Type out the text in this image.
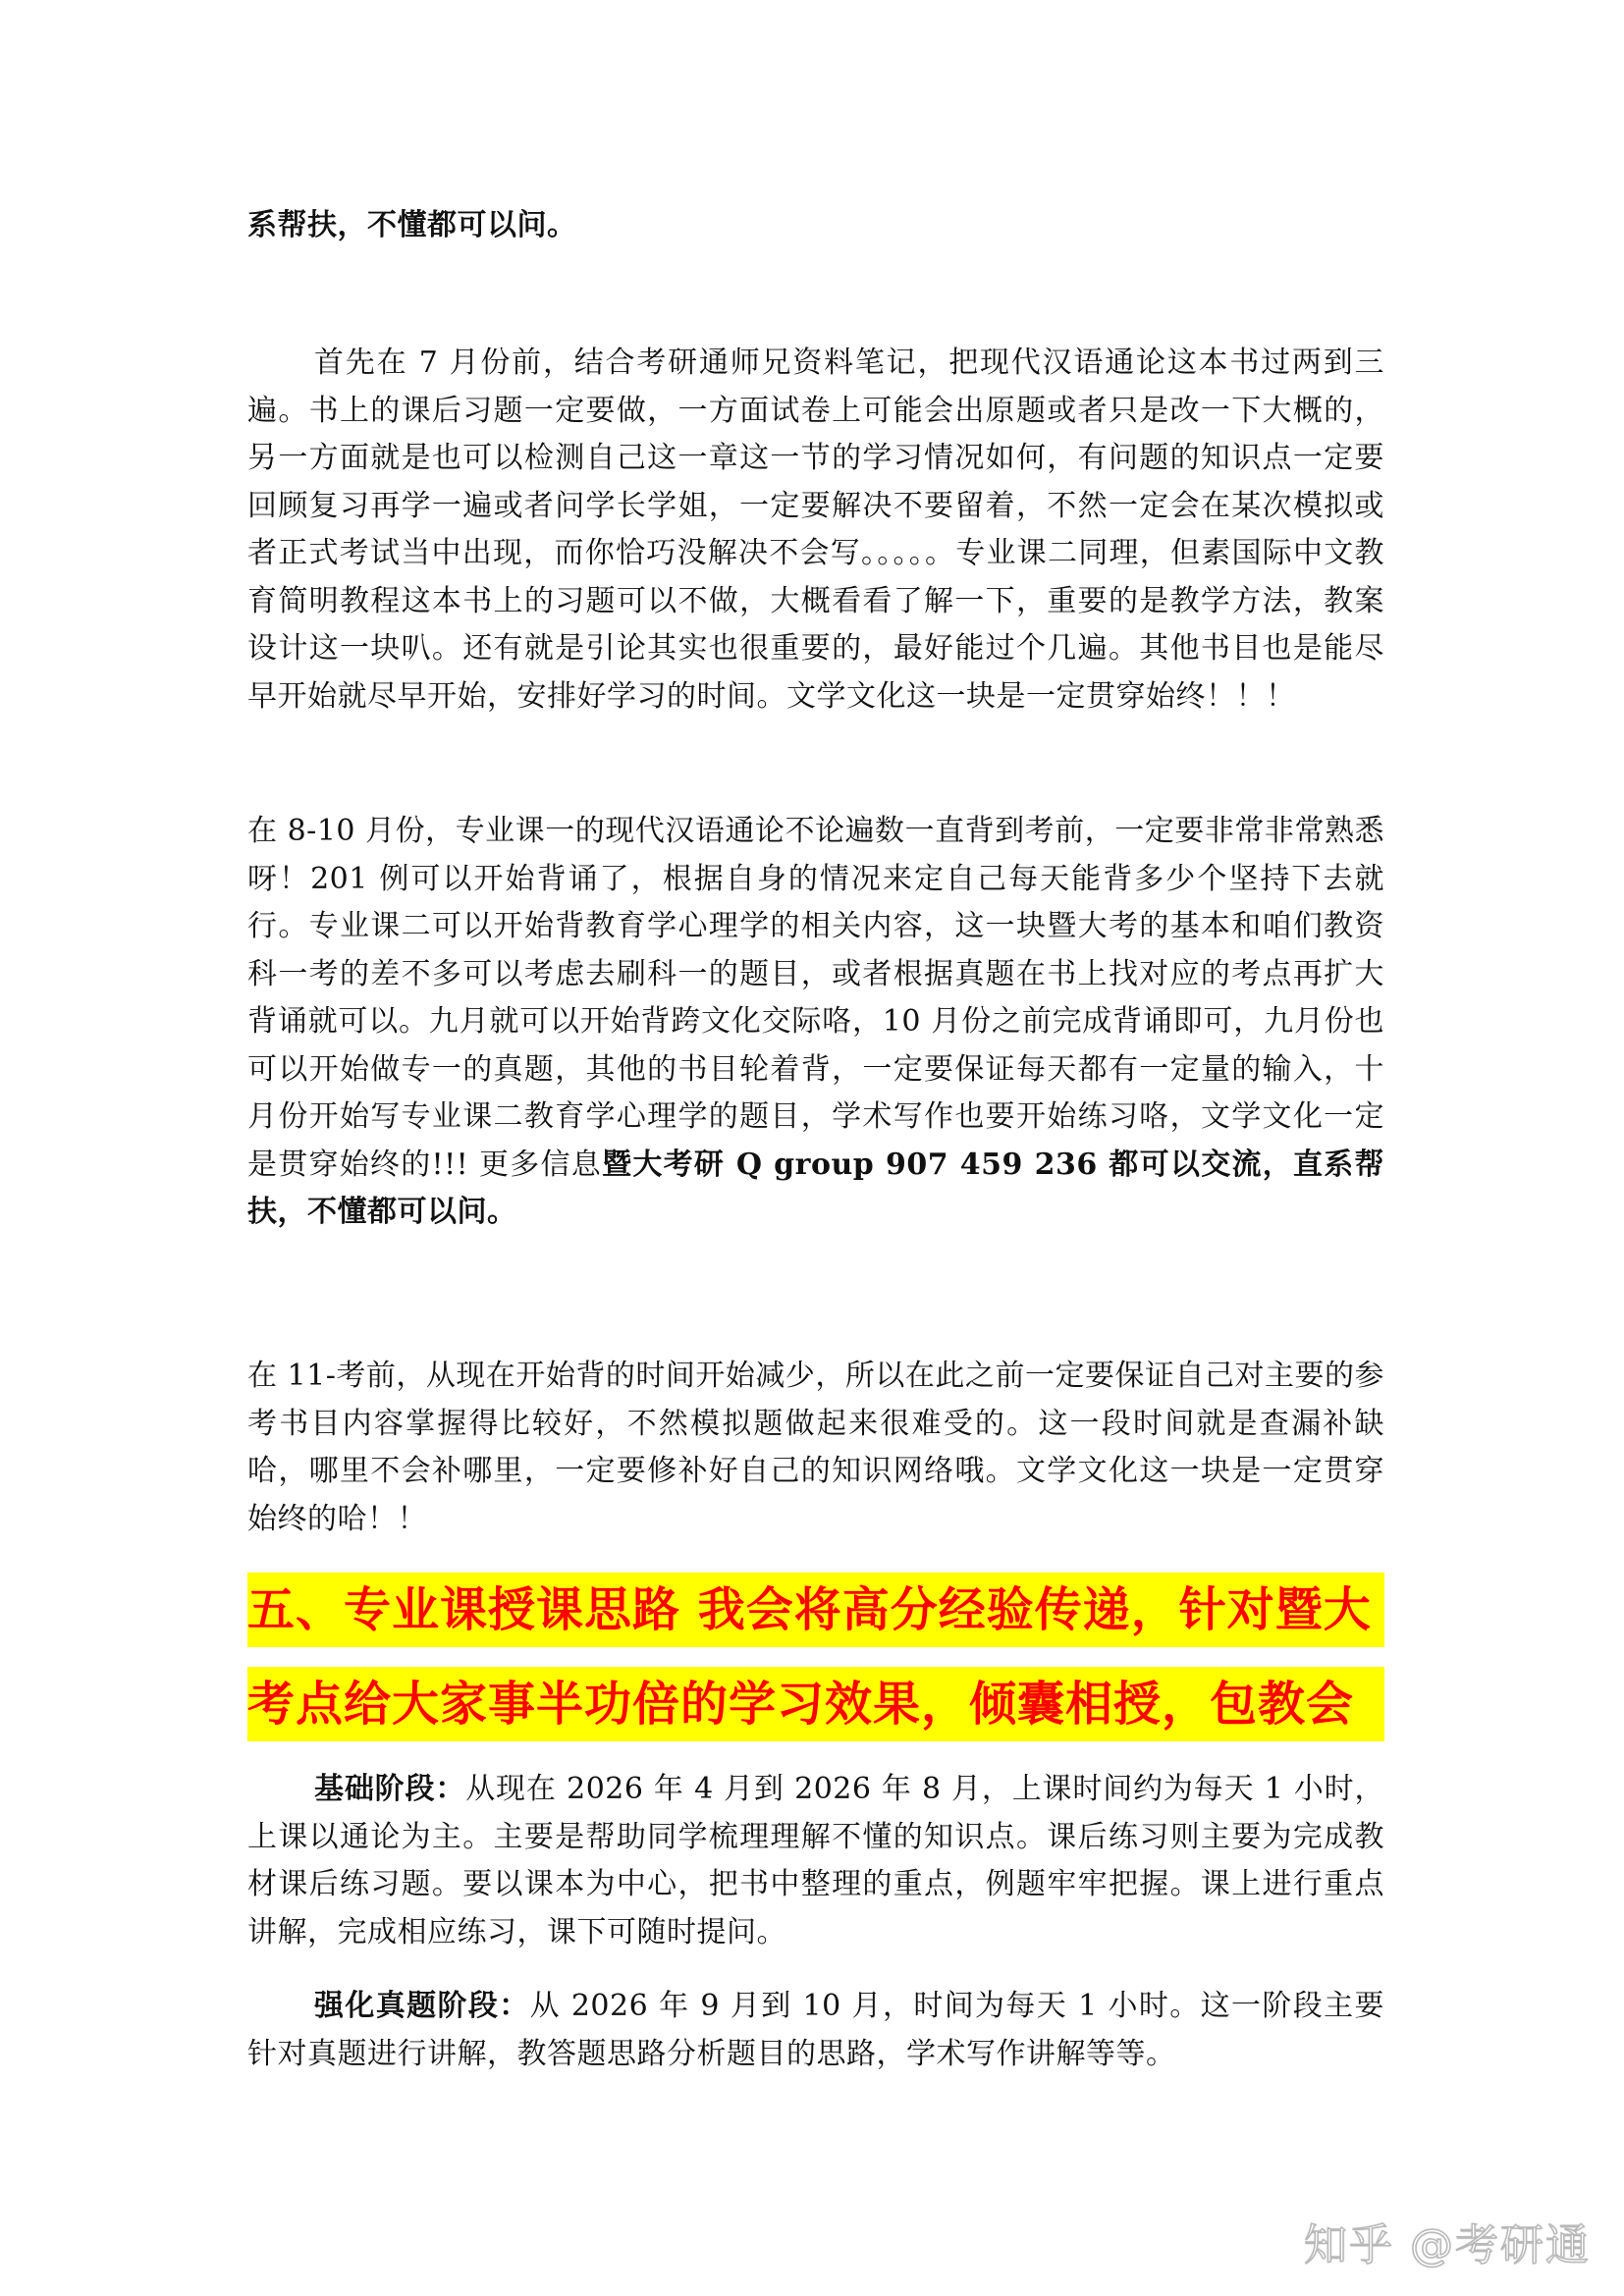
系帮扶，不懂都可以问。

首先在 7 月份前，结合考研通师兄资料笔记，把现代汉语通论这本书过两到三遍。书上的课后习题一定要做，一方面试卷上可能会出原题或者只是改一下大概的，另一方面就是也可以检测自己这一章这一节的学习情况如何，有问题的知识点一定要回顾复习再学一遍或者问学长学姐，一定要解决不要留着，不然一定会在某次模拟或者正式考试当中出现，而你恰巧没解决不会写。。。。。专业课二同理，但素国际中文教育简明教程这本书上的习题可以不做，大概看看了解一下，重要的是教学方法，教案设计这一块叭。还有就是引论其实也很重要的，最好能过个几遍。其他书目也是能尽早开始就尽早开始，安排好学习的时间。文学文化这一块是一定贯穿始终！！！

在 8-10 月份，专业课一的现代汉语通论不论遍数一直背到考前，一定要非常非常熟悉呀！201 例可以开始背诵了，根据自身的情况来定自己每天能背多少个坚持下去就行。专业课二可以开始背教育学心理学的相关内容，这一块暨大考的基本和咱们教资科一考的差不多可以考虑去刷科一的题目，或者根据真题在书上找对应的考点再扩大背诵就可以。九月就可以开始背跨文化交际咯，10 月份之前完成背诵即可，九月份也可以开始做专一的真题，其他的书目轮着背，一定要保证每天都有一定量的输入，十月份开始写专业课二教育学心理学的题目，学术写作也要开始练习咯，文学文化一定是贯穿始终的!!! 更多信息暨大考研 Q group 907 459 236 都可以交流，直系帮扶，不懂都可以问。

在 11-考前，从现在开始背的时间开始减少，所以在此之前一定要保证自己对主要的参考书目内容掌握得比较好，不然模拟题做起来很难受的。这一段时间就是查漏补缺哈，哪里不会补哪里，一定要修补好自己的知识网络哦。文学文化这一块是一定贯穿始终的哈！！

五、专业课授课思路 我会将高分经验传递，针对暨大
考点给大家事半功倍的学习效果，倾囊相授，包教会

基础阶段：从现在 2026 年 4 月到 2026 年 8 月，上课时间约为每天 1 小时，上课以通论为主。主要是帮助同学梳理理解不懂的知识点。课后练习则主要为完成教材课后练习题。要以课本为中心，把书中整理的重点，例题牢牢把握。课上进行重点讲解，完成相应练习，课下可随时提问。

强化真题阶段：从 2026 年 9 月到 10 月，时间为每天 1 小时。这一阶段主要针对真题进行讲解，教答题思路分析题目的思路，学术写作讲解等等。

知乎 @考研通
